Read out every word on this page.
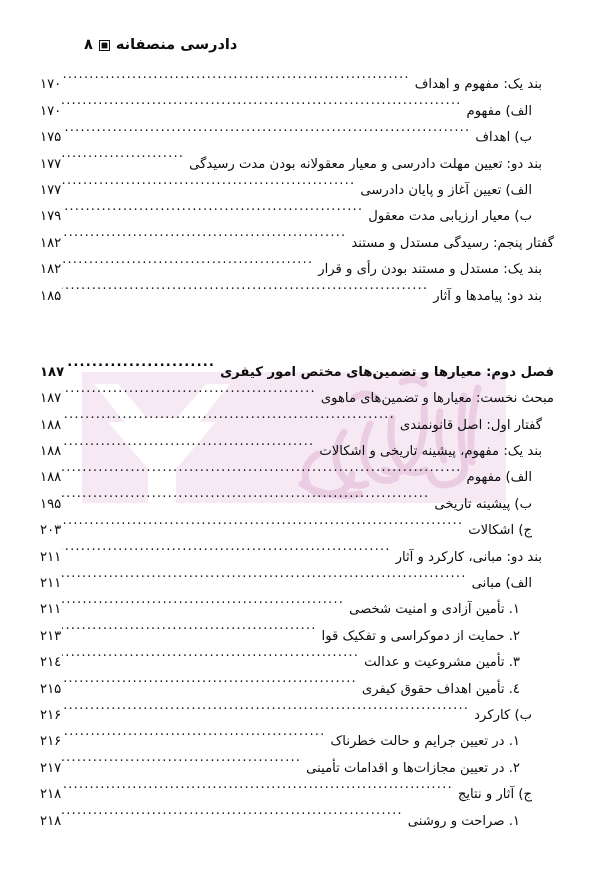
۸ دادرسی منصفانه
بند یک: مفهوم و اهداف
.....
۱۷۰
الف) مفهوم
.....
۱۷۰
ب) اهداف
.....
۱۷۵
بند دو: تعیین مهلت دادرسی و معیار معقولانه بودن مدت رسیدگی
.....
۱۷۷
الف) تعیین آغاز و پایان دادرسی
.....
۱۷۷
ب) معیار ارزیابی مدت معقول
.....
۱۷۹
گفتار پنجم: رسیدگی مستدل و مستند
.....
۱۸۲
بند یک: مستدل و مستند بودن رأی و قرار
.....
۱۸۲
بند دو: پیامدها و آثار
.....
۱۸۵
فصل دوم: معیارها و تضمین‌های مختص امور کیفری
.....
۱۸۷
مبحث نخست: معیارها و تضمین‌های ماهوی
.....
۱۸۷
گفتار اول: اصل قانونمندی
.....
۱۸۸
بند یک: مفهوم، پیشینه تاریخی و اشکالات
.....
۱۸۸
الف) مفهوم
.....
۱۸۸
ب) پیشینه تاریخی
.....
۱۹۵
ج) اشکالات
.....
۲۰۳
بند دو: مبانی، کارکرد و آثار
.....
۲۱۱
الف) مبانی
.....
۲۱۱
۱. تأمین آزادی و امنیت شخصی
.....
۲۱۱
۲. حمایت از دموکراسی و تفکیک قوا
.....
۲۱۳
۳. تأمین مشروعیت و عدالت
.....
۲۱٤
٤. تأمین اهداف حقوق کیفری
.....
۲۱۵
ب) کارکرد
.....
۲۱۶
۱. در تعیین جرایم و حالت خطرناک
.....
۲۱۶
۲. در تعیین مجازات‌ها و اقدامات تأمینی
.....
۲۱۷
ج) آثار و نتایج
.....
۲۱۸
۱. صراحت و روشنی
.....
۲۱۸
